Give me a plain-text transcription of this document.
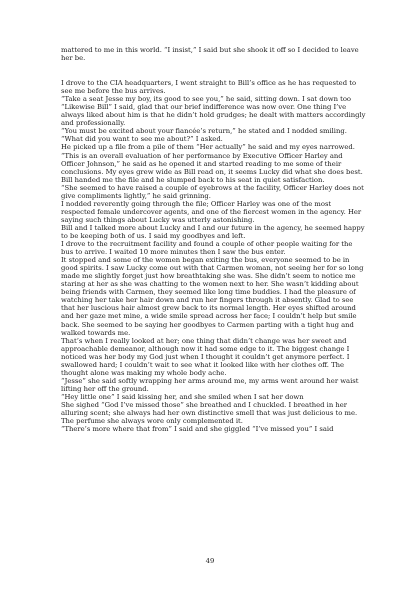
mattered to me in this world. “I insist,” I said but she shook it off so I decided to leave her be.

I drove to the CIA headquarters, I went straight to Bill’s office as he has requested to see me before the bus arrives.

“Take a seat Jesse my boy, its good to see you,” he said, sitting down. I sat down too “Likewise Bill” I said, glad that our brief indifference was now over. One thing I’ve always liked about him is that he didn’t hold grudges; he dealt with matters accordingly and professionally.

“You must be excited about your fiancée’s return,” he stated and I nodded smiling. “What did you want to see me about?” I asked.

He picked up a file from a pile of them “Her actually” he said and my eyes narrowed.

“This is an overall evaluation of her performance by Executive Officer Harley and Officer Johnson,” he said as he opened it and started reading to me some of their conclusions. My eyes grew wide as Bill read on, it seems Lucky did what she does best. Bill handed me the file and he slumped back to his seat in quiet satisfaction.

“She seemed to have raised a couple of eyebrows at the facility, Officer Harley does not give compliments lightly,” he said grinning.

I nodded reverently going through the file; Officer Harley was one of the most respected female undercover agents, and one of the fiercest women in the agency. Her saying such things about Lucky was utterly astonishing.

Bill and I talked more about Lucky and I and our future in the agency, he seemed happy to be keeping both of us. I said my goodbyes and left.

I drove to the recruitment facility and found a couple of other people waiting for the bus to arrive. I waited 10 more minutes then I saw the bus enter.

It stopped and some of the women began exiting the bus, everyone seemed to be in good spirits. I saw Lucky come out with that Carmen woman, not seeing her for so long made me slightly forget just how breathtaking she was. She didn’t seem to notice me staring at her as she was chatting to the women next to her. She wasn’t kidding about being friends with Carmen, they seemed like long time buddies. I had the pleasure of watching her take her hair down and run her fingers through it absently. Glad to see that her luscious hair almost grew back to its normal length. Her eyes shifted around and her gaze met mine, a wide smile spread across her face; I couldn’t help but smile back. She seemed to be saying her goodbyes to Carmen parting with a tight hug and walked towards me.

That’s when I really looked at her; one thing that didn’t change was her sweet and approachable demeanor, although now it had some edge to it. The biggest change I noticed was her body my God just when I thought it couldn’t get anymore perfect. I swallowed hard; I couldn’t wait to see what it looked like with her clothes off. The thought alone was making my whole body ache.

“Jesse” she said softly wrapping her arms around me, my arms went around her waist lifting her off the ground.

“Hey little one” I said kissing her, and she smiled when I sat her down

She sighed “God I’ve missed those” she breathed and I chuckled. I breathed in her alluring scent; she always had her own distinctive smell that was just delicious to me. The perfume she always wore only complemented it.

“There’s more where that from” I said and she giggled “I’ve missed you” I said

49
